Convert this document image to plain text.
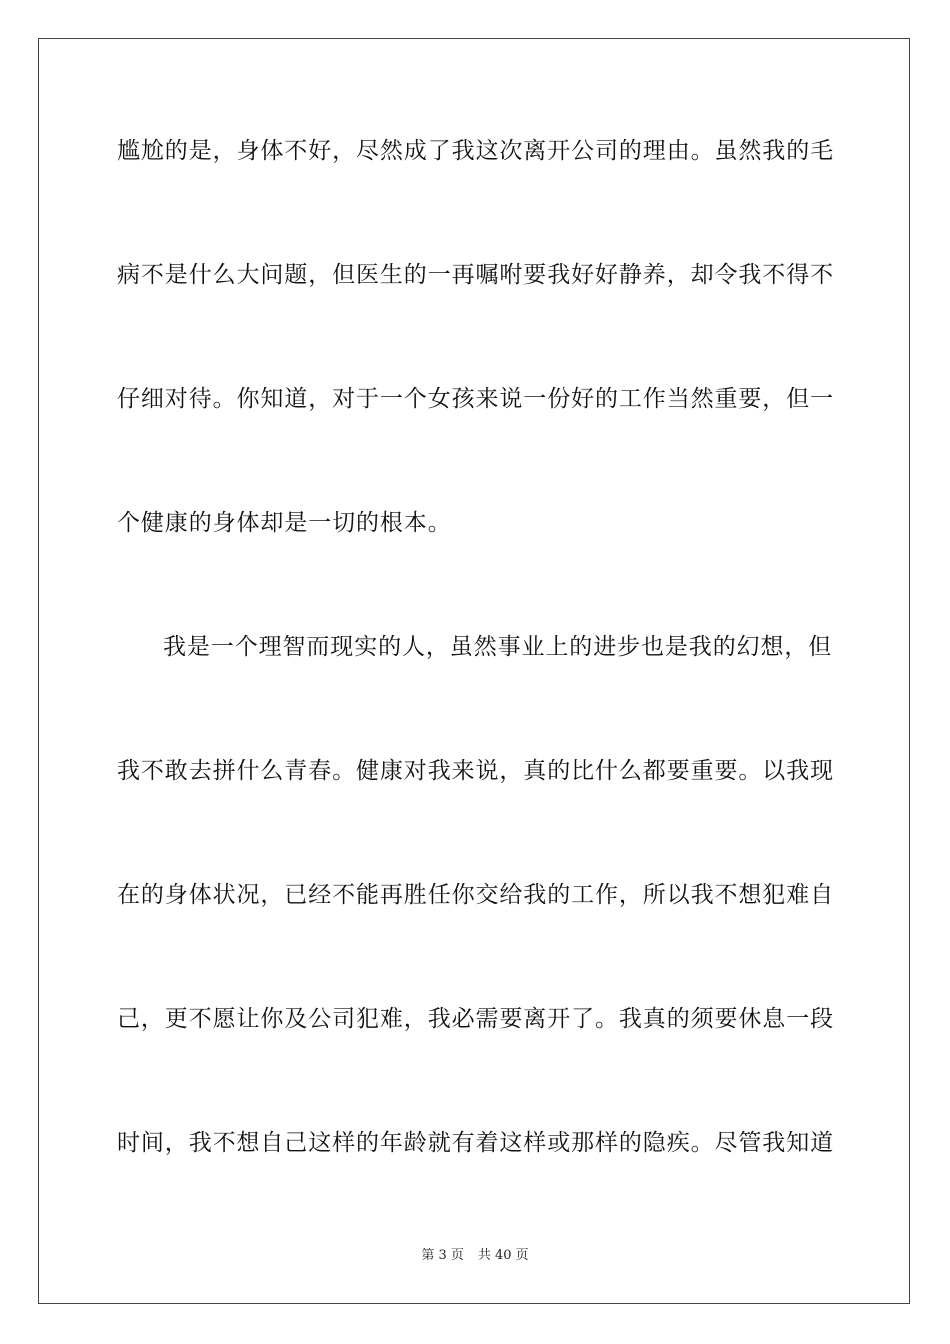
尴尬的是，身体不好，尽然成了我这次离开公司的理由。虽然我的毛
病不是什么大问题，但医生的一再嘱咐要我好好静养，却令我不得不
仔细对待。你知道，对于一个女孩来说一份好的工作当然重要，但一
个健康的身体却是一切的根本。
我是一个理智而现实的人，虽然事业上的进步也是我的幻想，但
我不敢去拼什么青春。健康对我来说，真的比什么都要重要。以我现
在的身体状况，已经不能再胜任你交给我的工作，所以我不想犯难自
己，更不愿让你及公司犯难，我必需要离开了。我真的须要休息一段
时间，我不想自己这样的年龄就有着这样或那样的隐疾。尽管我知道
第 3 页 共 40 页
